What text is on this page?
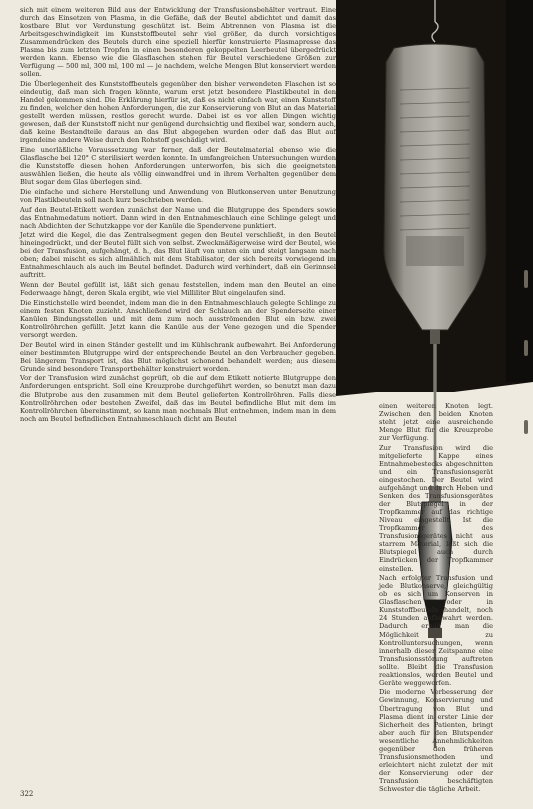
sich mit einem weiteren Bild aus der Entwicklung der Transfusionsbehälter vertraut. Eine durch das Einsetzen von Plasma, in die Gefäße, daß der Beutel abdichtet und damit das kostbare Blut vor Verdunstung geschützt ist. Beim Abtrennen von Plasma ist die Arbeitsgeschwindigkeit im Kunststoffbeutel sehr viel größer, da durch vorsichtiges Zusammendrücken des Beutels durch eine speziell hierfür konstruierte Plasmapresse das Plasma bis zum letzten Tropfen in einen besonderen gekoppelten Leerbeutel übergedrückt werden kann. Ebenso wie die Glasflaschen stehen für Beutel verschiedene Größen zur Verfügung — 500 ml, 300 ml, 100 ml — je nachdem, welche Mengen Blut konserviert werden sollen.

Die Überlegenheit des Kunststoffbeutels gegenüber den bisher verwendeten Flaschen ist so eindeutig, daß man sich fragen könnte, warum erst jetzt besondere Plastikbeutel in den Handel gekommen sind. Die Erklärung hierfür ist, daß es nicht einfach war, einen Kunststoff zu finden, welcher den hohen Anforderungen, die zur Konservierung von Blut an das Material gestellt werden müssen, restlos gerecht wurde. Dabei ist es vor allen Dingen wichtig gewesen, daß der Kunststoff nicht nur genügend durchsichtig und flexibel war, sondern auch, daß keine Bestandteile daraus an das Blut abgegeben wurden oder daß das Blut auf irgendeine andere Weise durch den Rohstoff geschädigt wird.

Eine unerläßliche Voraussetzung war ferner, daß der Beutelmaterial ebenso wie die Glasflasche bei 120° C sterilisiert werden konnte. In umfangreichen Untersuchungen wurden die Kunststoffe diesen hohen Anforderungen unterworfen, bis sich die geeignetsten auswählen ließen, die heute als völlig einwandfrei und in ihrem Verhalten gegenüber dem Blut sogar dem Glas überlegen sind.

Die einfache und sichere Herstellung und Anwendung von Blutkonserven unter Benutzung von Plastikbeuteln soll nach kurz beschrieben werden.

Auf den Beutel-Etikett werden zunächst der Name und die Blutgruppe des Spenders sowie das Entnahmedatum notiert. Dann wird in den Entnahmeschlauch eine Schlinge gelegt und nach Abdichten der Schutzkappe vor der Kanüle die Spendervene punktiert.

Jetzt wird die Kegel, die das Zentralsegment gegen den Beutel verschließt, in den Beutel hineingedrückt, und der Beutel füllt sich von selbst. Zweckmäßigerweise wird der Beutel, wie bei der Transfusion, aufgehängt, d. h., das Blut läuft von unten ein und steigt langsam nach oben; dabei mischt es sich allmählich mit dem Stabilisator, der sich bereits vorwiegend im Entnahmeschlauch als auch im Beutel befindet. Dadurch wird verhindert, daß ein Gerinnsel auftritt.

Wenn der Beutel gefüllt ist, läßt sich genau feststellen, indem man den Beutel an eine Federwaage hängt, deren Skala ergibt, wie viel Milliliter Blut eingelaufen sind.

Die Einstichstelle wird beendet, indem man die in den Entnahmeschlauch gelegte Schlinge zu einem festen Knoten zuzieht. Anschließend wird der Schlauch an der Spenderseite einer Kanülen Bindungsstellen und mit dem zum noch ausströmenden Blut ein bzw. zwei Kontrollröhrchen gefüllt. Jetzt kann die Kanüle aus der Vene gezogen und die Spender versorgt werden.

Der Beutel wird in einen Ständer gestellt und im Kühlschrank aufbewahrt. Bei Anforderung einer bestimmten Blutgruppe wird der entsprechende Beutel an den Verbraucher gegeben. Bei längerem Transport ist, das Blut möglichst schonend behandelt werden; aus diesem Grunde sind besondere Transportbehälter konstruiert worden.

Vor der Transfusion wird zunächst geprüft, ob die auf dem Etikett notierte Blutgruppe den Anforderungen entspricht. Soll eine Kreuzprobe durchgeführt werden, so benutzt man dazu die Blutprobe aus den zusammen mit dem Beutel gelieferten Kontrollröhren. Falls diese Kontrollröhrchen oder bestehen Zweifel, daß das im Beutel befindliche Blut mit dem im Kontrollröhrchen übereinstimmt, so kann man nochmals Blut entnehmen, indem man in dem noch am Beutel befindlichen Entnahmeschlauch dicht am Beutel

einen weiteren Knoten legt. Zwischen den beiden Knoten steht jetzt eine ausreichende Menge Blut für die Kreuzprobe zur Verfügung.

Zur Transfusion wird die mitgelieferte Kappe eines Entnahmebestecks abgeschnitten und ein Transfusionsgerät eingestochen. Der Beutel wird aufgehängt und durch Heben und Senken des Transfusionsgerätes der Blutspiegel in der Tropfkammer auf das richtige Niveau eingestellt. Ist die Tropfkammer des Transfusionsgerätes nicht aus starrem Material, läßt sich die Blutspiegel auch durch Eindrücken der Tropfkammer einstellen.

Nach erfolgter Transfusion und jede Blutkonserve, gleichgültig ob es sich um Konserven in Glasflaschen oder in Kunststoffbeuteln handelt, noch 24 Stunden aufbewahrt werden. Dadurch erhält man die Möglichkeit zu Kontrolluntersuchungen, wenn innerhalb dieser Zeitspanne eine Transfusionsstörung auftreten sollte. Bleibt die Transfusion reaktionslos, werden Beutel und Geräte weggeworfen.

Die moderne Verbesserung der Gewinnung, Konservierung und Übertragung von Blut und Plasma dient in erster Linie der Sicherheit des Patienten, bringt aber auch für den Blutspender wesentliche Annehmlichkeiten gegenüber den früheren Transfusionsmethoden und erleichtert nicht zuletzt der mit der Konservierung oder der Transfusion beschäftigten Schwester die tägliche Arbeit.

322
